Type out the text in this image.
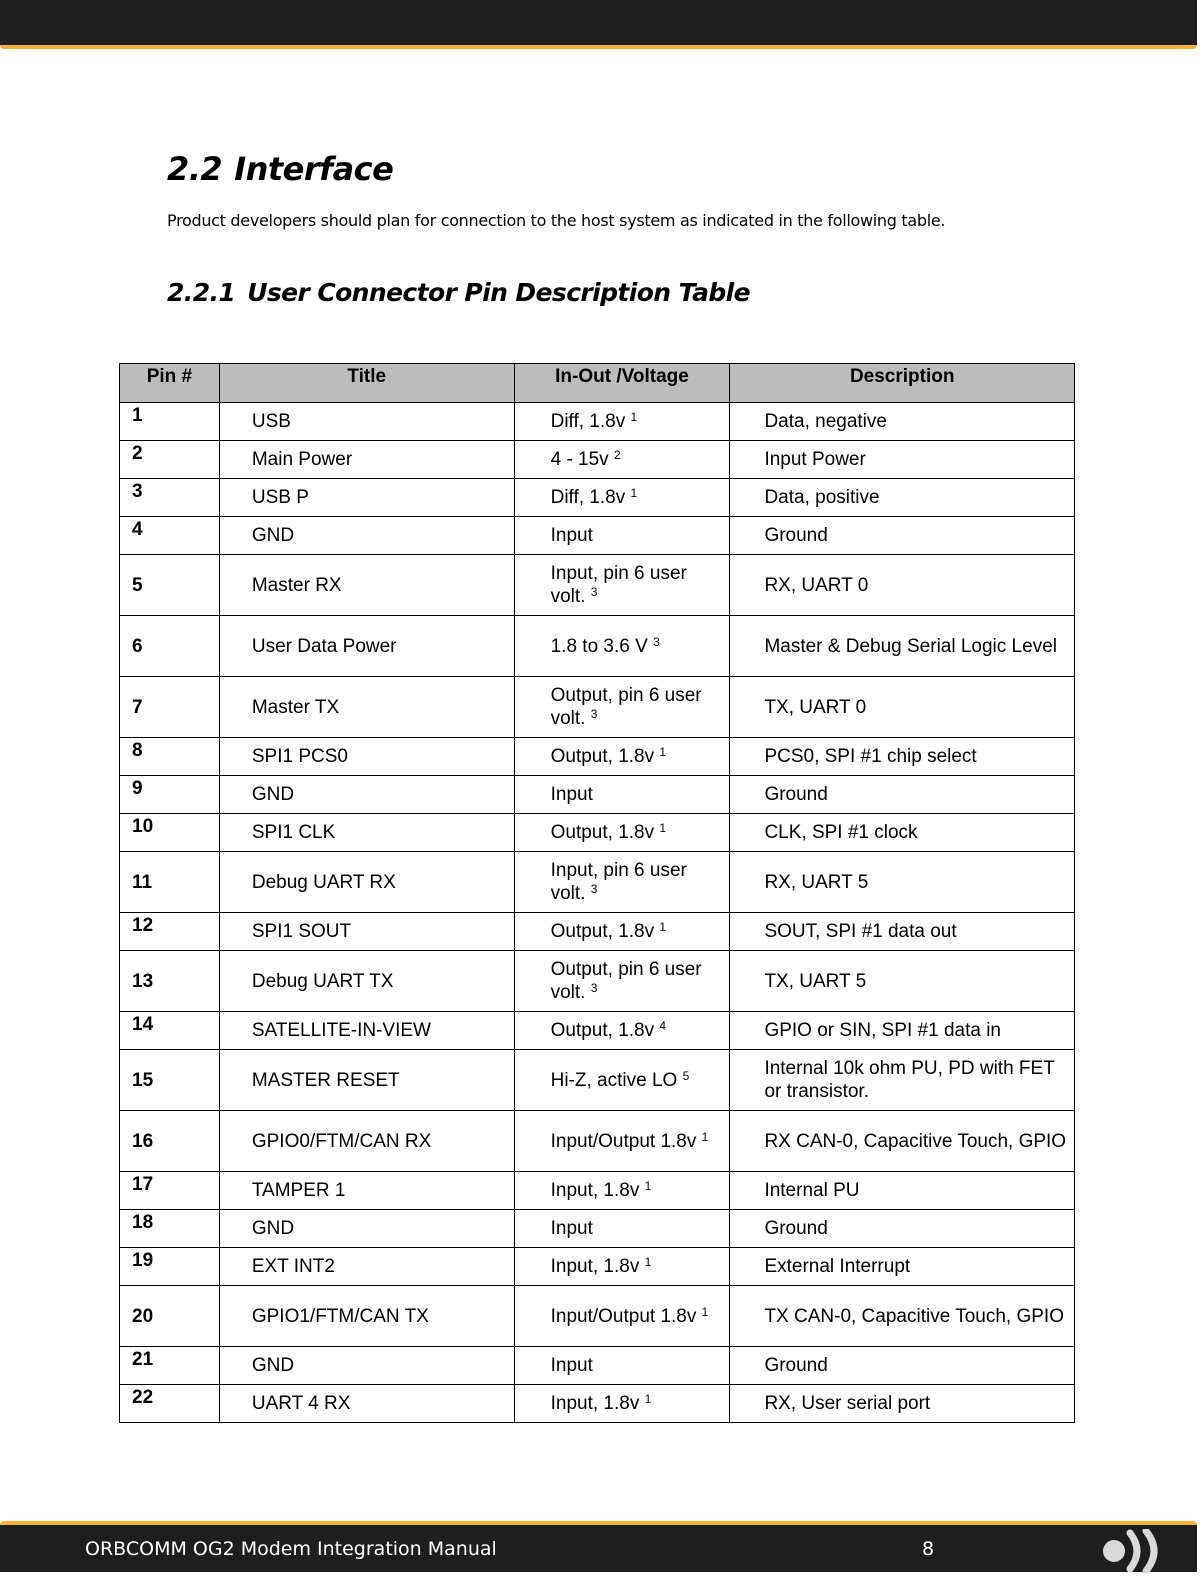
2.2 Interface

Product developers should plan for connection to the host system as indicated in the following table.

2.2.1 User Connector Pin Description Table
Pin #	Title	In-Out /Voltage	Description
1	USB	Diff, 1.8v $^1$	Data, negative
2	Main Power	4 - 15v $^2$	Input Power
3	USB P	Diff, 1.8v $^1$	Data, positive
4	GND	Input	Ground
5	Master RX	Input, pin 6 user volt. $^3$	RX, UART 0
6	User Data Power	1.8 to 3.6 V $^3$	Master & Debug Serial Logic Level
7	Master TX	Output, pin 6 user volt. $^3$	TX, UART 0
8	SPI1 PCS0	Output, 1.8v $^1$	PCS0, SPI #1 chip select
9	GND	Input	Ground
10	SPI1 CLK	Output, 1.8v $^1$	CLK, SPI #1 clock
11	Debug UART RX	Input, pin 6 user volt. $^3$	RX, UART 5
12	SPI1 SOUT	Output, 1.8v $^1$	SOUT, SPI #1 data out
13	Debug UART TX	Output, pin 6 user volt. $^3$	TX, UART 5
14	SATELLITE-IN-VIEW	Output, 1.8v $^4$	GPIO or SIN, SPI #1 data in
15	MASTER RESET	Hi-Z, active LO $^5$	Internal 10k ohm PU, PD with FET or transistor.
16	GPIO0/FTM/CAN RX	Input/Output 1.8v $^1$	RX CAN-0, Capacitive Touch, GPIO
17	TAMPER 1	Input, 1.8v $^1$	Internal PU
18	GND	Input	Ground
19	EXT INT2	Input, 1.8v $^1$	External Interrupt
20	GPIO1/FTM/CAN TX	Input/Output 1.8v $^1$	TX CAN-0, Capacitive Touch, GPIO
21	GND	Input	Ground
22	UART 4 RX	Input, 1.8v $^1$	RX, User serial port
ORBCOMM OG2 Modem Integration Manual	8
